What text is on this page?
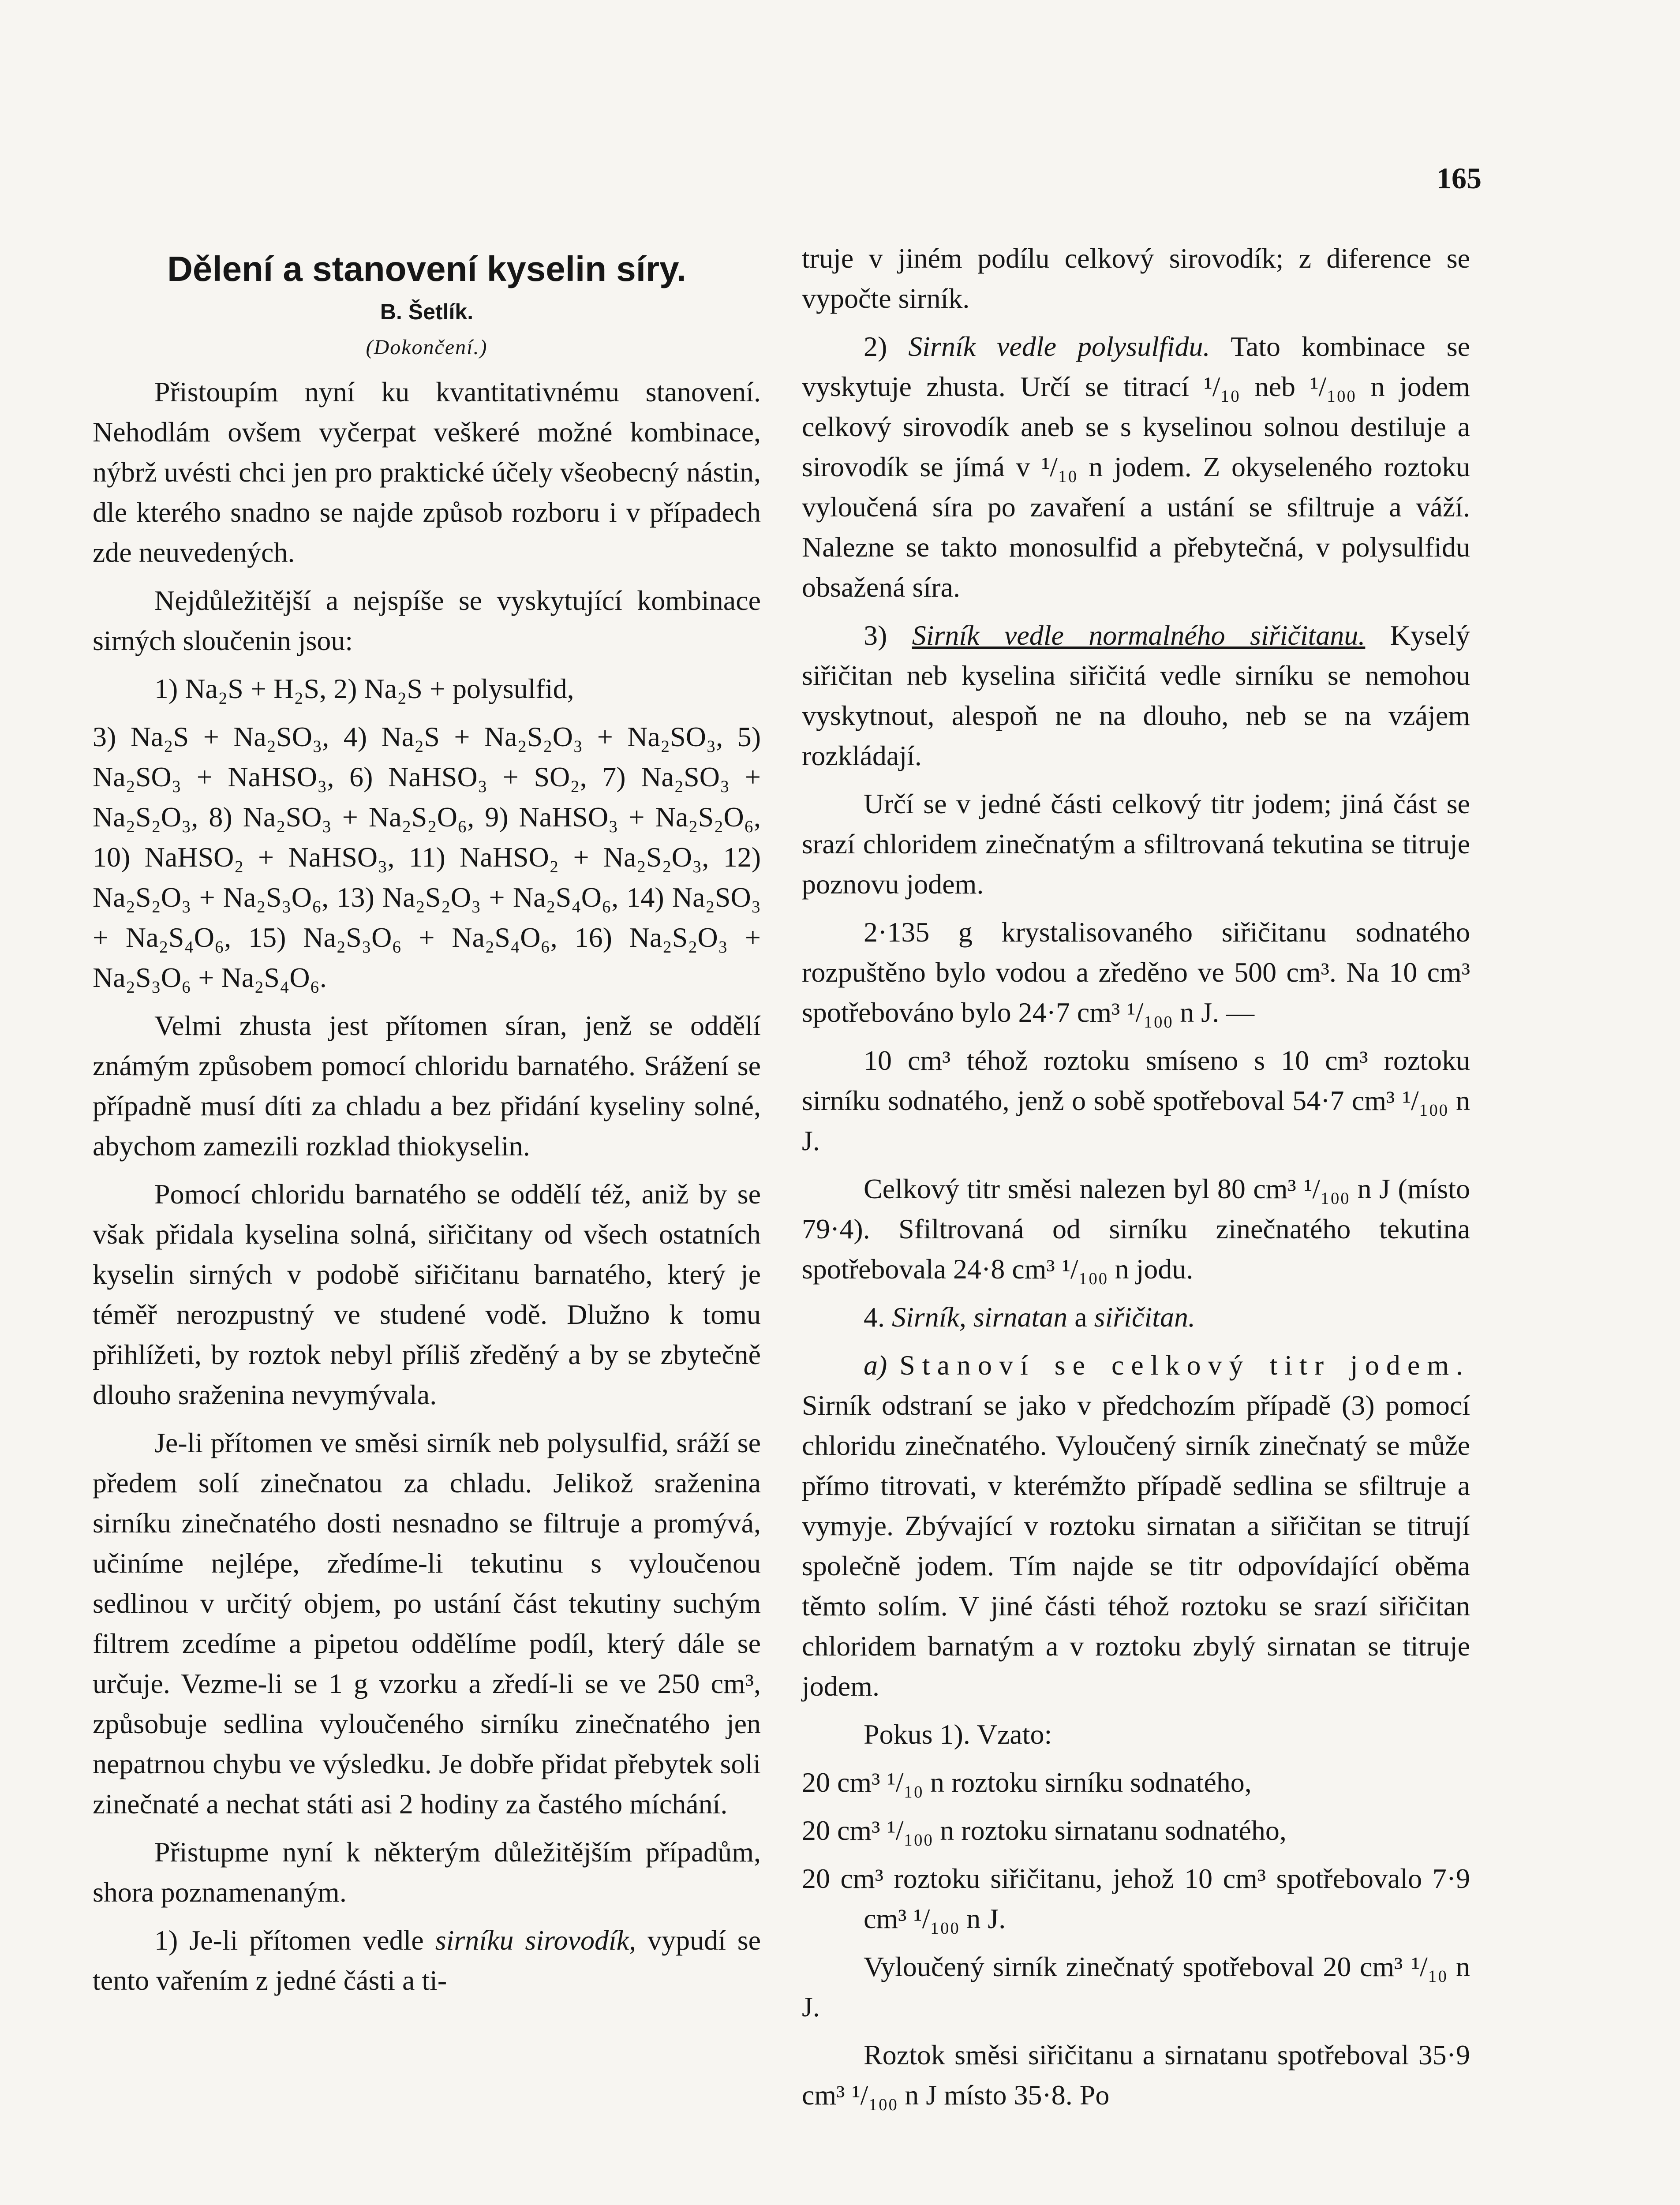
165
Dělení a stanovení kyselin síry.
B. Šetlík.
(Dokončení.)

Přistoupím nyní ku kvantitativnému stanovení. Nehodlám ovšem vyčerpat veškeré možné kombinace, nýbrž uvésti chci jen pro praktické účely všeobecný nástin, dle kterého snadno se najde způsob rozboru i v případech zde neuvedených.

Nejdůležitější a nejspíše se vyskytující kombinace sirných sloučenin jsou:

1) Na₂S + H₂S, 2) Na₂S + polysulfid,

3) Na₂S + Na₂SO₃, 4) Na₂S + Na₂S₂O₃ + Na₂SO₃, 5) Na₂SO₃ + NaHSO₃, 6) NaHSO₃ + SO₂, 7) Na₂SO₃ + Na₂S₂O₃, 8) Na₂SO₃ + Na₂S₂O₆, 9) NaHSO₃ + Na₂S₂O₆, 10) NaHSO₂ + NaHSO₃, 11) NaHSO₂ + Na₂S₂O₃, 12) Na₂S₂O₃ + Na₂S₃O₆, 13) Na₂S₂O₃ + Na₂S₄O₆, 14) Na₂SO₃ + Na₂S₄O₆, 15) Na₂S₃O₆ + Na₂S₄O₆, 16) Na₂S₂O₃ + Na₂S₃O₆ + Na₂S₄O₆.

Velmi zhusta jest přítomen síran, jenž se oddělí známým způsobem pomocí chloridu barnatého. Srážení se případně musí díti za chladu a bez přidání kyseliny solné, abychom zamezili rozklad thiokyselin.

Pomocí chloridu barnatého se oddělí též, aniž by se však přidala kyselina solná, siřičitany od všech ostatních kyselin sirných v podobě siřičitanu barnatého, který je téměř nerozpustný ve studené vodě. Dlužno k tomu přihlížeti, by roztok nebyl příliš zředěný a by se zbytečně dlouho sraženina nevymývala.

Je-li přítomen ve směsi sirník neb polysulfid, sráží se předem solí zinečnatou za chladu. Jelikož sraženina sirníku zinečnatého dosti nesnadno se filtruje a promývá, učiníme nejlépe, zředíme-li tekutinu s vyloučenou sedlinou v určitý objem, po ustání část tekutiny suchým filtrem zcedíme a pipetou oddělíme podíl, který dále se určuje. Vezme-li se 1 g vzorku a zředí-li se ve 250 cm³, způsobuje sedlina vyloučeného sirníku zinečnatého jen nepatrnou chybu ve výsledku. Je dobře přidat přebytek soli zinečnaté a nechat státi asi 2 hodiny za častého míchání.

Přistupme nyní k některým důležitějším případům, shora poznamenaným.

1) Je-li přítomen vedle sirníku sirovodík, vypudí se tento vařením z jedné části a ti-

truje v jiném podílu celkový sirovodík; z diference se vypočte sirník.

2) Sirník vedle polysulfidu. Tato kombinace se vyskytuje zhusta. Určí se titrací ¹/₁₀ neb ¹/₁₀₀ n jodem celkový sirovodík aneb se s kyselinou solnou destiluje a sirovodík se jímá v ¹/₁₀ n jodem. Z okyseleného roztoku vyloučená síra po zavaření a ustání se sfiltruje a váží. Nalezne se takto monosulfid a přebytečná, v polysulfidu obsažená síra.

3) Sirník vedle normalného siřičitanu. Kyselý siřičitan neb kyselina siřičitá vedle sirníku se nemohou vyskytnout, alespoň ne na dlouho, neb se na vzájem rozkládají.

Určí se v jedné části celkový titr jodem; jiná část se srazí chloridem zinečnatým a sfiltrovaná tekutina se titruje poznovu jodem.

2·135 g krystalisovaného siřičitanu sodnatého rozpuštěno bylo vodou a zředěno ve 500 cm³. Na 10 cm³ spotřebováno bylo 24·7 cm³ ¹/₁₀₀ n J. —

10 cm³ téhož roztoku smíseno s 10 cm³ roztoku sirníku sodnatého, jenž o sobě spotřeboval 54·7 cm³ ¹/₁₀₀ n J.

Celkový titr směsi nalezen byl 80 cm³ ¹/₁₀₀ n J (místo 79·4). Sfiltrovaná od sirníku zinečnatého tekutina spotřebovala 24·8 cm³ ¹/₁₀₀ n jodu.

4. Sirník, sirnatan a siřičitan.

a) Stanoví se celkový titr jodem. Sirník odstraní se jako v předchozím případě (3) pomocí chloridu zinečnatého. Vyloučený sirník zinečnatý se může přímo titrovati, v kterémžto případě sedlina se sfiltruje a vymyje. Zbývající v roztoku sirnatan a siřičitan se titrují společně jodem. Tím najde se titr odpovídající oběma těmto solím. V jiné části téhož roztoku se srazí siřičitan chloridem barnatým a v roztoku zbylý sirnatan se titruje jodem.

Pokus 1). Vzato:

20 cm³ ¹/₁₀ n roztoku sirníku sodnatého,

20 cm³ ¹/₁₀₀ n roztoku sirnatanu sodnatého,

20 cm³ roztoku siřičitanu, jehož 10 cm³ spotřebovalo 7·9 cm³ ¹/₁₀₀ n J.

Vyloučený sirník zinečnatý spotřeboval 20 cm³ ¹/₁₀ n J.

Roztok směsi siřičitanu a sirnatanu spotřeboval 35·9 cm³ ¹/₁₀₀ n J místo 35·8. Po
